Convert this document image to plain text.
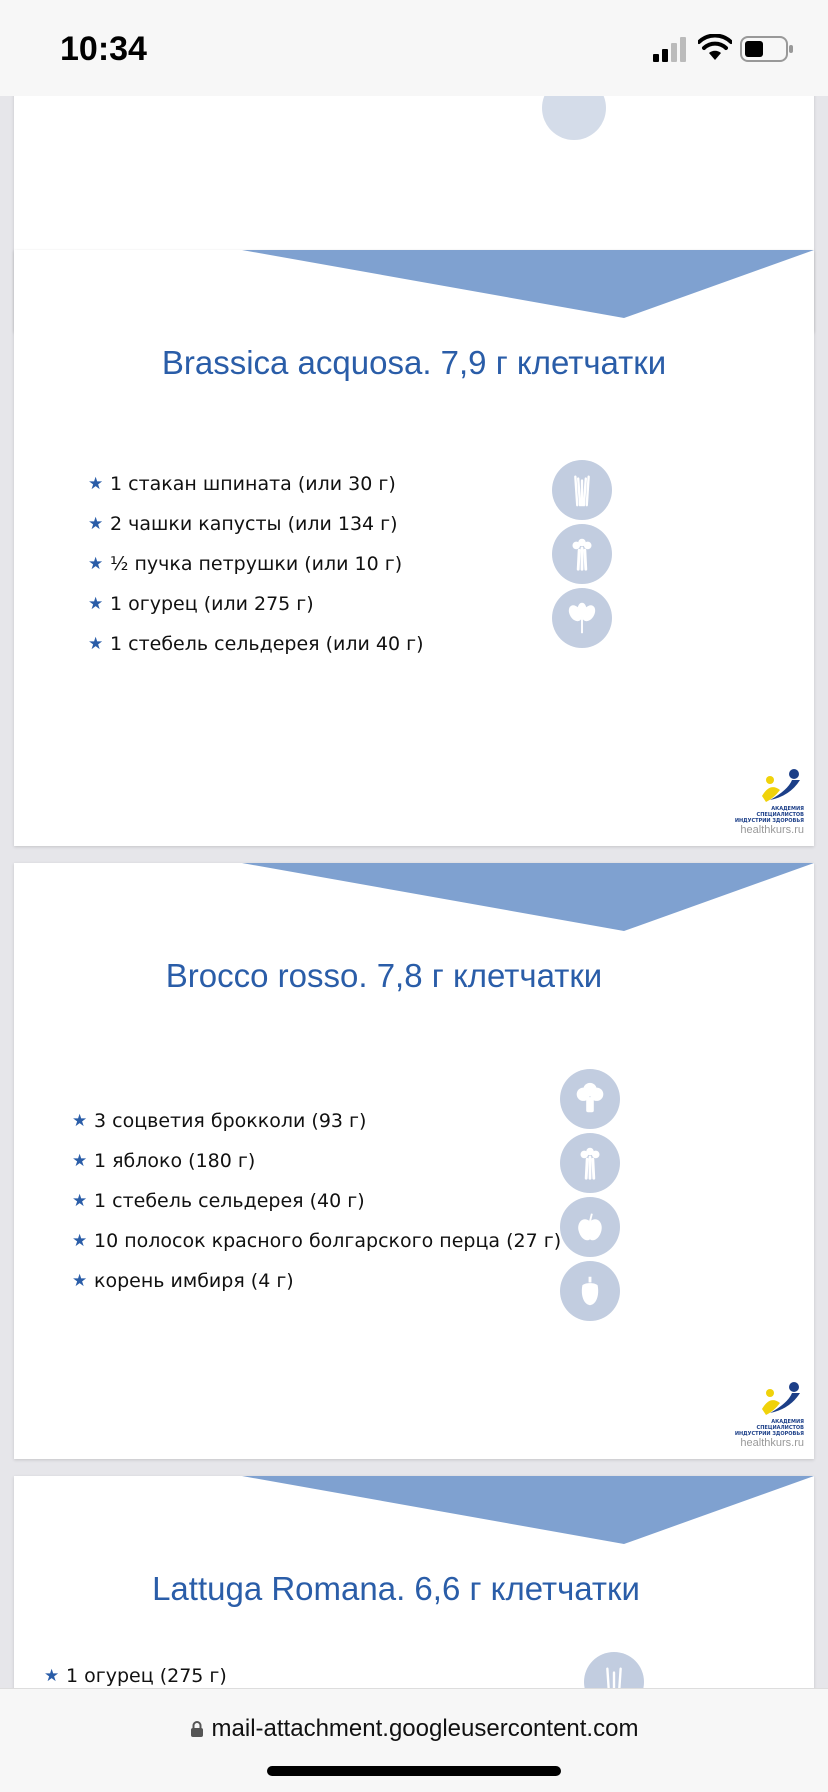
10:34
Brassica acquosa. 7,9 г клетчатки
★ 1 стакан шпината (или 30 г)
★ 2 чашки капусты (или 134 г)
★ ½ пучка петрушки (или 10 г)
★ 1 огурец (или 275 г)
★ 1 стебель сельдерея (или 40 г)
АКАДЕМИЯ СПЕЦИАЛИСТОВ
ИНДУСТРИИ ЗДОРОВЬЯ
healthkurs.ru
Brocco rosso. 7,8 г клетчатки
★ 3 соцветия брокколи (93 г)
★ 1 яблоко (180 г)
★ 1 стебель сельдерея (40 г)
★ 10 полосок красного болгарского перца (27 г)
★ корень имбиря (4 г)
АКАДЕМИЯ СПЕЦИАЛИСТОВ
ИНДУСТРИИ ЗДОРОВЬЯ
healthkurs.ru
Lattuga Romana. 6,6 г клетчатки
★ 1 огурец (275 г)
mail-attachment.googleusercontent.com
